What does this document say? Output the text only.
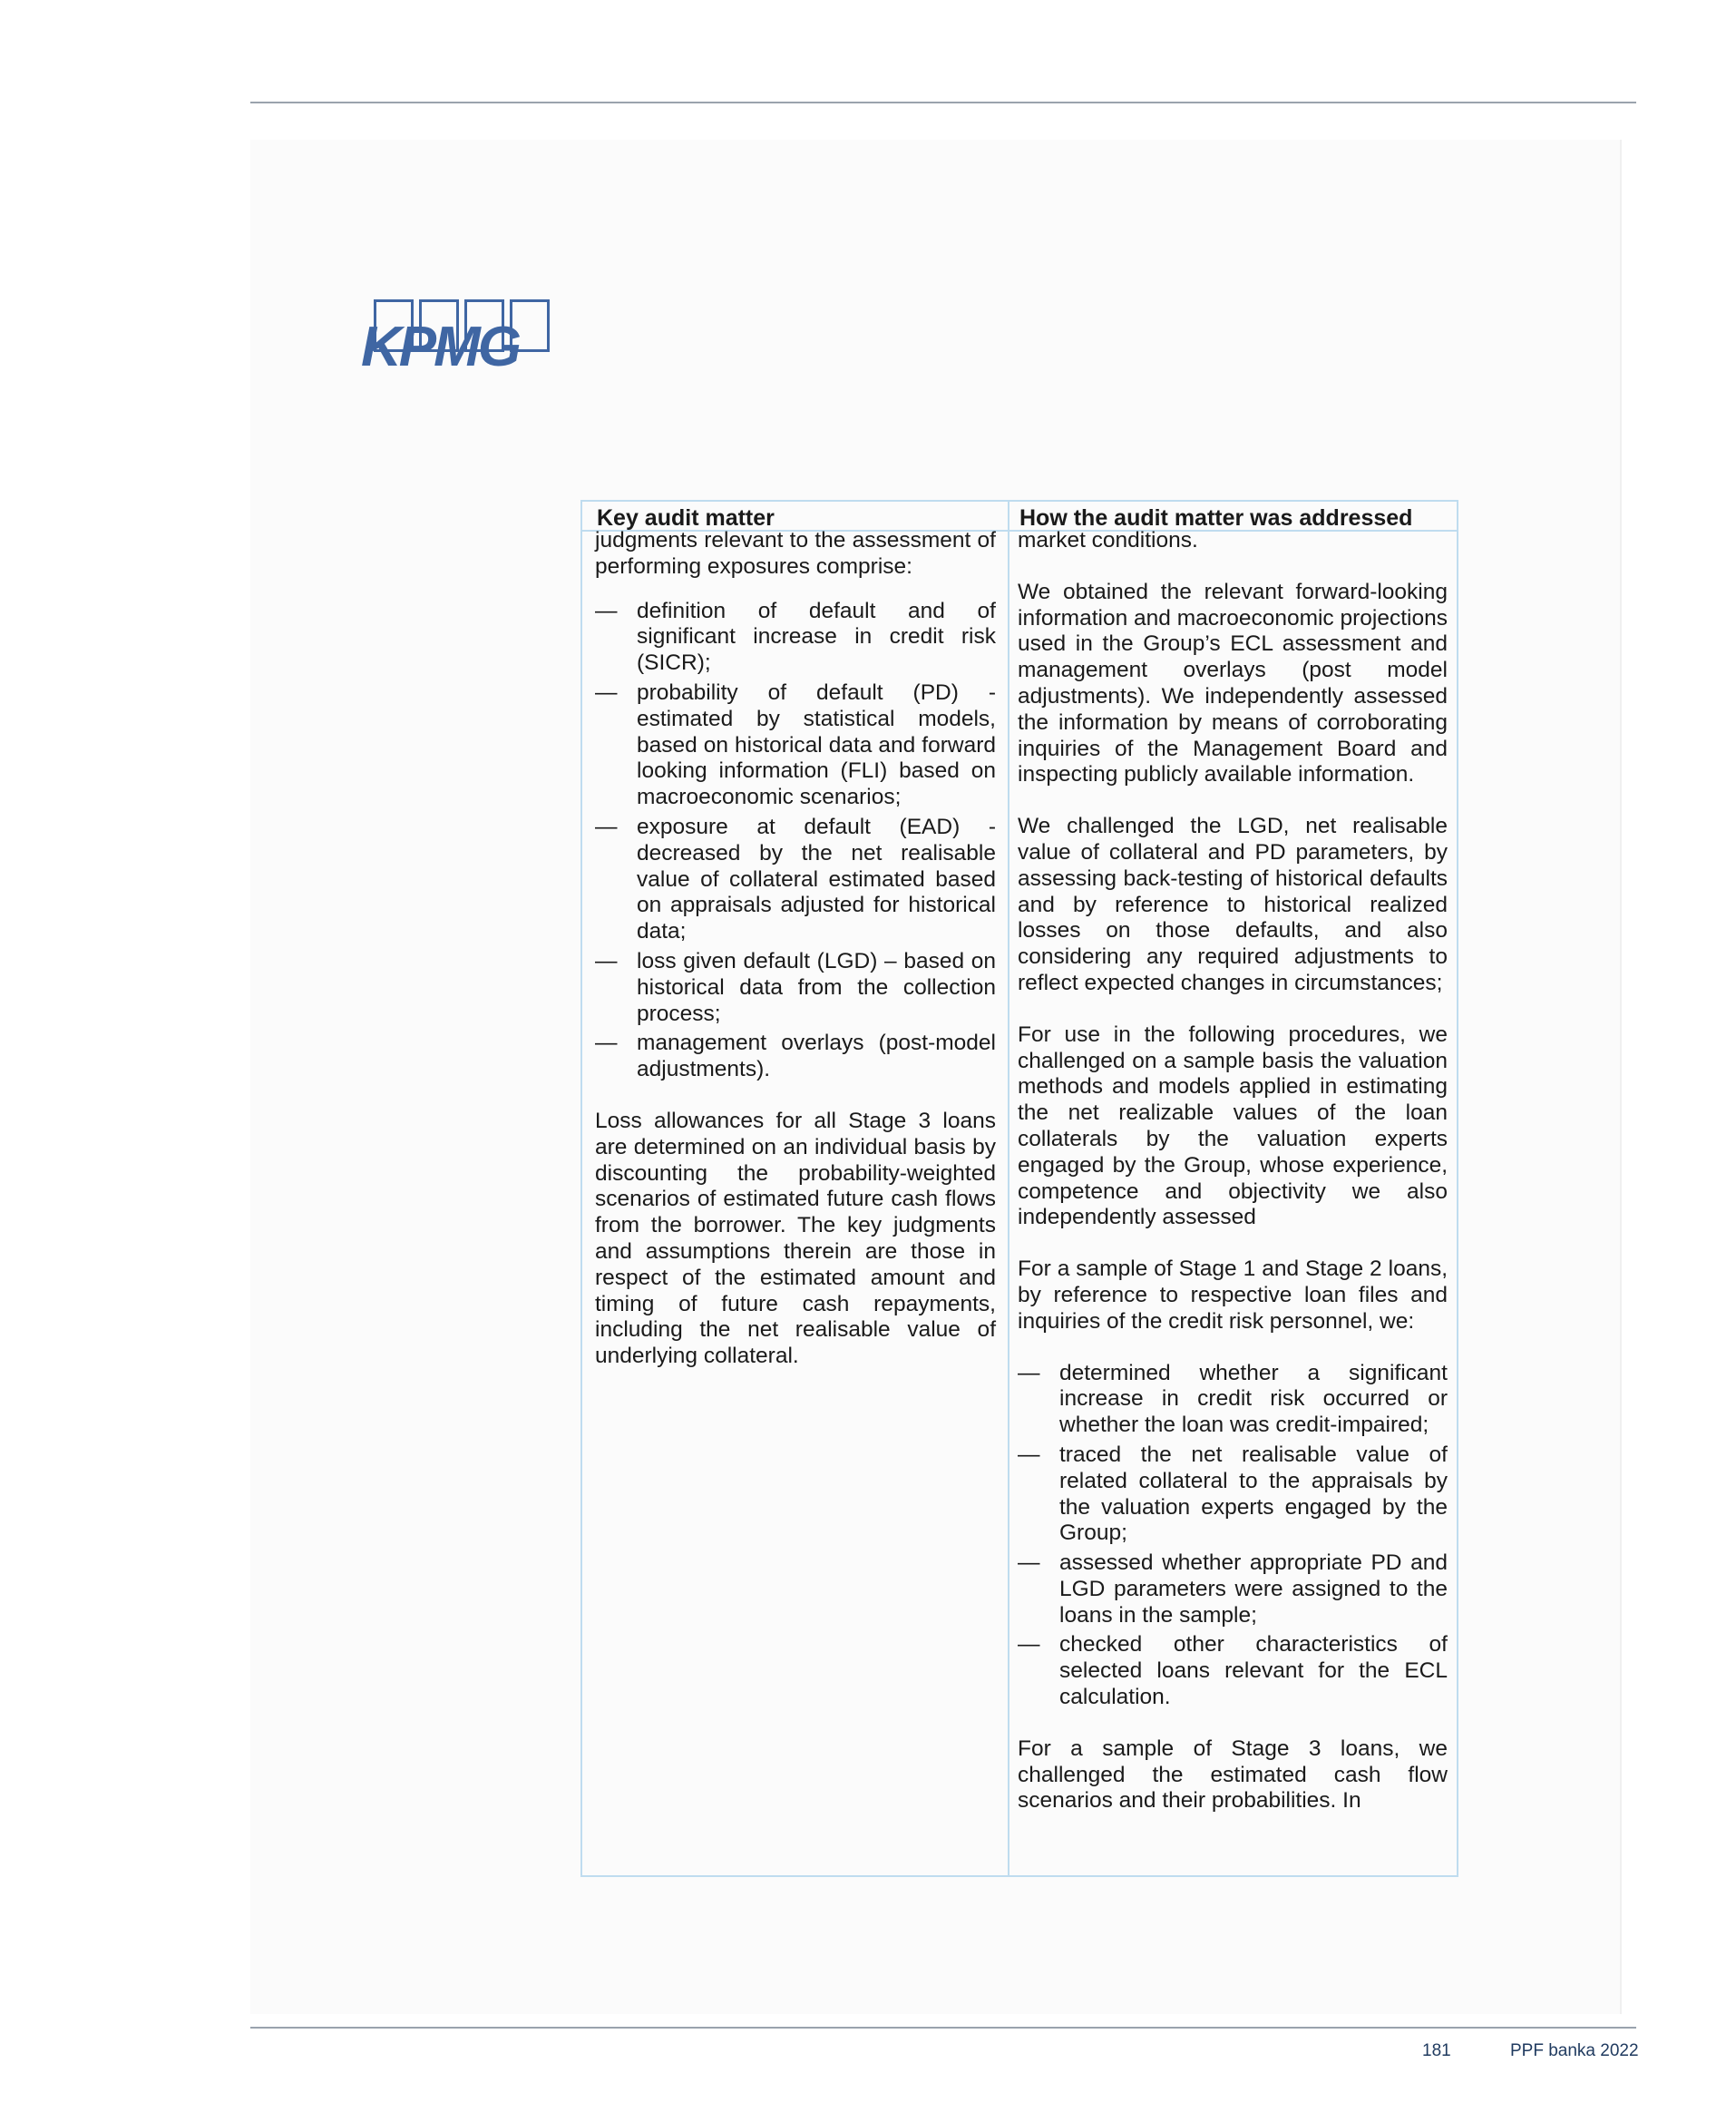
KPMG
Key audit matter	How the audit matter was addressed

judgments relevant to the assessment of performing exposures comprise:

— definition of default and of significant increase in credit risk (SICR);
— probability of default (PD) - estimated by statistical models, based on historical data and forward looking information (FLI) based on macroeconomic scenarios;
— exposure at default (EAD) - decreased by the net realisable value of collateral estimated based on appraisals adjusted for historical data;
— loss given default (LGD) – based on historical data from the collection process;
— management overlays (post-model adjustments).

Loss allowances for all Stage 3 loans are determined on an individual basis by discounting the probability-weighted scenarios of estimated future cash flows from the borrower. The key judgments and assumptions therein are those in respect of the estimated amount and timing of future cash repayments, including the net realisable value of underlying collateral.

market conditions.

We obtained the relevant forward-looking information and macroeconomic projections used in the Group’s ECL assessment and management overlays (post model adjustments). We independently assessed the information by means of corroborating inquiries of the Management Board and inspecting publicly available information.

We challenged the LGD, net realisable value of collateral and PD parameters, by assessing back-testing of historical defaults and by reference to historical realized losses on those defaults, and also considering any required adjustments to reflect expected changes in circumstances;

For use in the following procedures, we challenged on a sample basis the valuation methods and models applied in estimating the net realizable values of the loan collaterals by the valuation experts engaged by the Group, whose experience, competence and objectivity we also independently assessed

For a sample of Stage 1 and Stage 2 loans, by reference to respective loan files and inquiries of the credit risk personnel, we:

— determined whether a significant increase in credit risk occurred or whether the loan was credit-impaired;
— traced the net realisable value of related collateral to the appraisals by the valuation experts engaged by the Group;
— assessed whether appropriate PD and LGD parameters were assigned to the loans in the sample;
— checked other characteristics of selected loans relevant for the ECL calculation.

For a sample of Stage 3 loans, we challenged the estimated cash flow scenarios and their probabilities. In

181	PPF banka 2022
